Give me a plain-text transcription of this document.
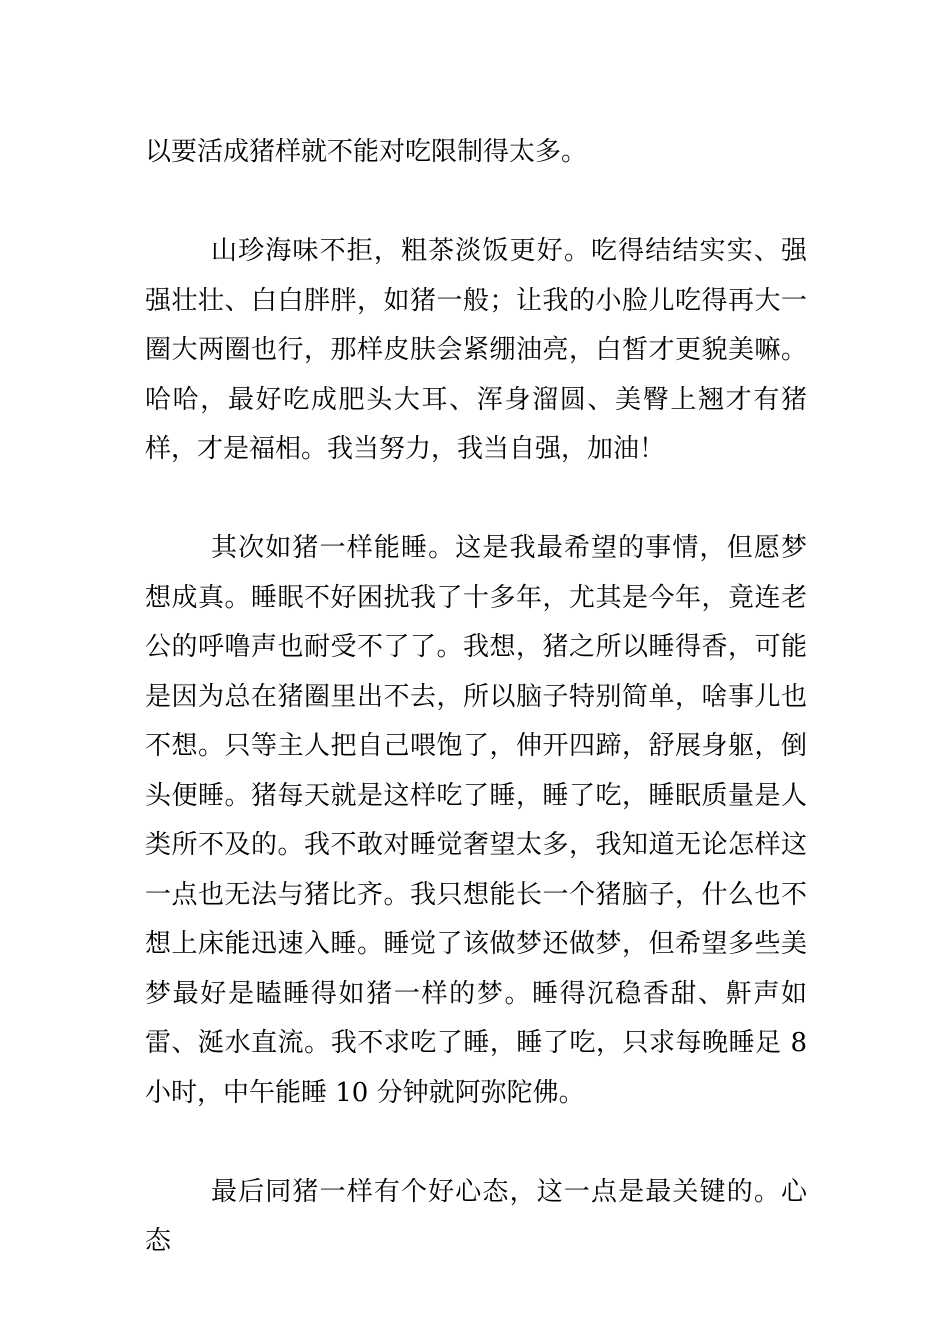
以要活成猪样就不能对吃限制得太多。

山珍海味不拒，粗茶淡饭更好。吃得结结实实、强强壮壮、白白胖胖，如猪一般；让我的小脸儿吃得再大一圈大两圈也行，那样皮肤会紧绷油亮，白皙才更貌美嘛。哈哈，最好吃成肥头大耳、浑身溜圆、美臀上翘才有猪样，才是福相。我当努力，我当自强，加油！

其次如猪一样能睡。这是我最希望的事情，但愿梦想成真。睡眠不好困扰我了十多年，尤其是今年，竟连老公的呼噜声也耐受不了了。我想，猪之所以睡得香，可能是因为总在猪圈里出不去，所以脑子特别简单，啥事儿也不想。只等主人把自己喂饱了，伸开四蹄，舒展身躯，倒头便睡。猪每天就是这样吃了睡，睡了吃，睡眠质量是人类所不及的。我不敢对睡觉奢望太多，我知道无论怎样这一点也无法与猪比齐。我只想能长一个猪脑子，什么也不想上床能迅速入睡。睡觉了该做梦还做梦，但希望多些美梦最好是瞌睡得如猪一样的梦。睡得沉稳香甜、鼾声如雷、涎水直流。我不求吃了睡，睡了吃，只求每晚睡足 8 小时，中午能睡 10 分钟就阿弥陀佛。

最后同猪一样有个好心态，这一点是最关键的。心态
